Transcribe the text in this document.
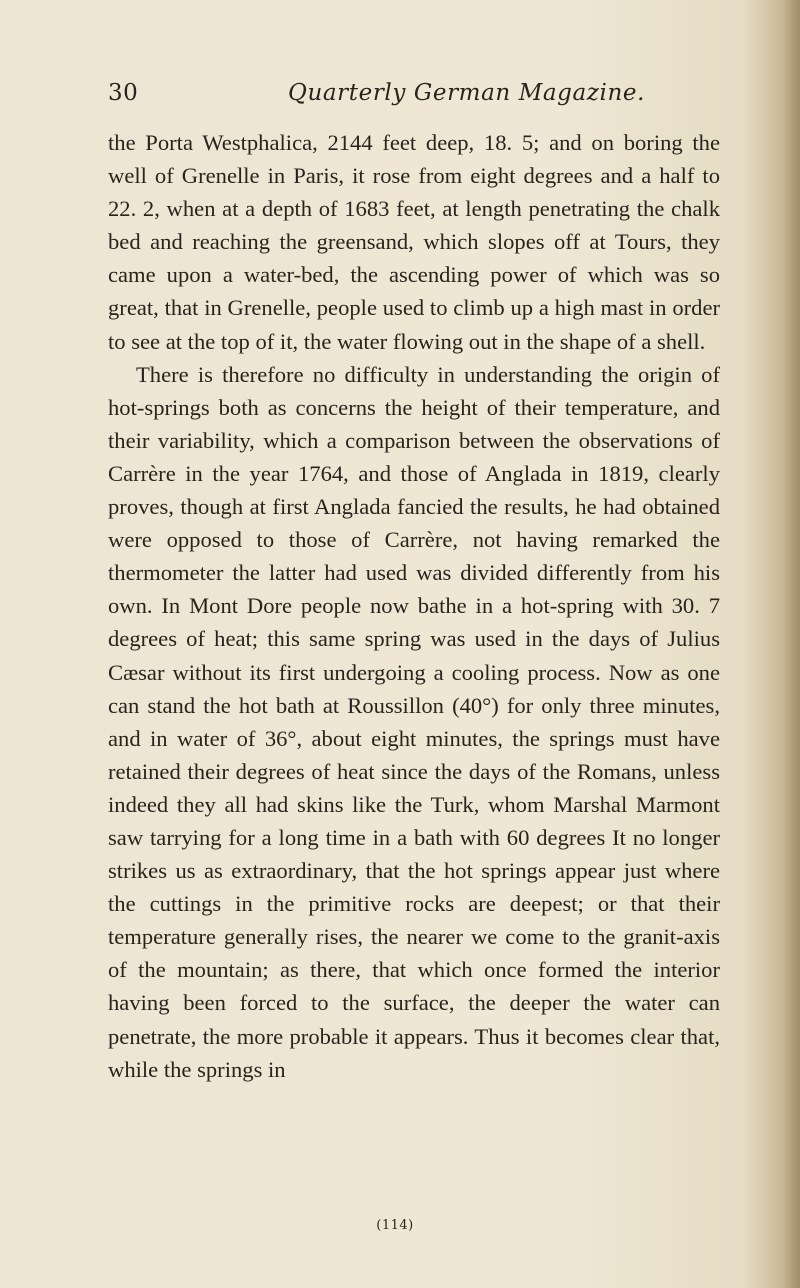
30	Quarterly German Magazine.

the Porta Westphalica, 2144 feet deep, 18. 5; and on boring the well of Grenelle in Paris, it rose from eight degrees and a half to 22. 2, when at a depth of 1683 feet, at length penetrating the chalk bed and reaching the greensand, which slopes off at Tours, they came upon a water-bed, the ascending power of which was so great, that in Grenelle, people used to climb up a high mast in order to see at the top of it, the water flowing out in the shape of a shell.

There is therefore no difficulty in understanding the origin of hot-springs both as concerns the height of their temperature, and their variability, which a comparison between the observations of Carrère in the year 1764, and those of Anglada in 1819, clearly proves, though at first Anglada fancied the results, he had obtained were opposed to those of Carrère, not having remarked the thermometer the latter had used was divided differently from his own. In Mont Dore people now bathe in a hot-spring with 30. 7 degrees of heat; this same spring was used in the days of Julius Cæsar without its first undergoing a cooling process. Now as one can stand the hot bath at Roussillon (40°) for only three minutes, and in water of 36°, about eight minutes, the springs must have retained their degrees of heat since the days of the Romans, unless indeed they all had skins like the Turk, whom Marshal Marmont saw tarrying for a long time in a bath with 60 degrees It no longer strikes us as extraordinary, that the hot springs appear just where the cuttings in the primitive rocks are deepest; or that their temperature generally rises, the nearer we come to the granit-axis of the mountain; as there, that which once formed the interior having been forced to the surface, the deeper the water can penetrate, the more probable it appears. Thus it becomes clear that, while the springs in

(114)
